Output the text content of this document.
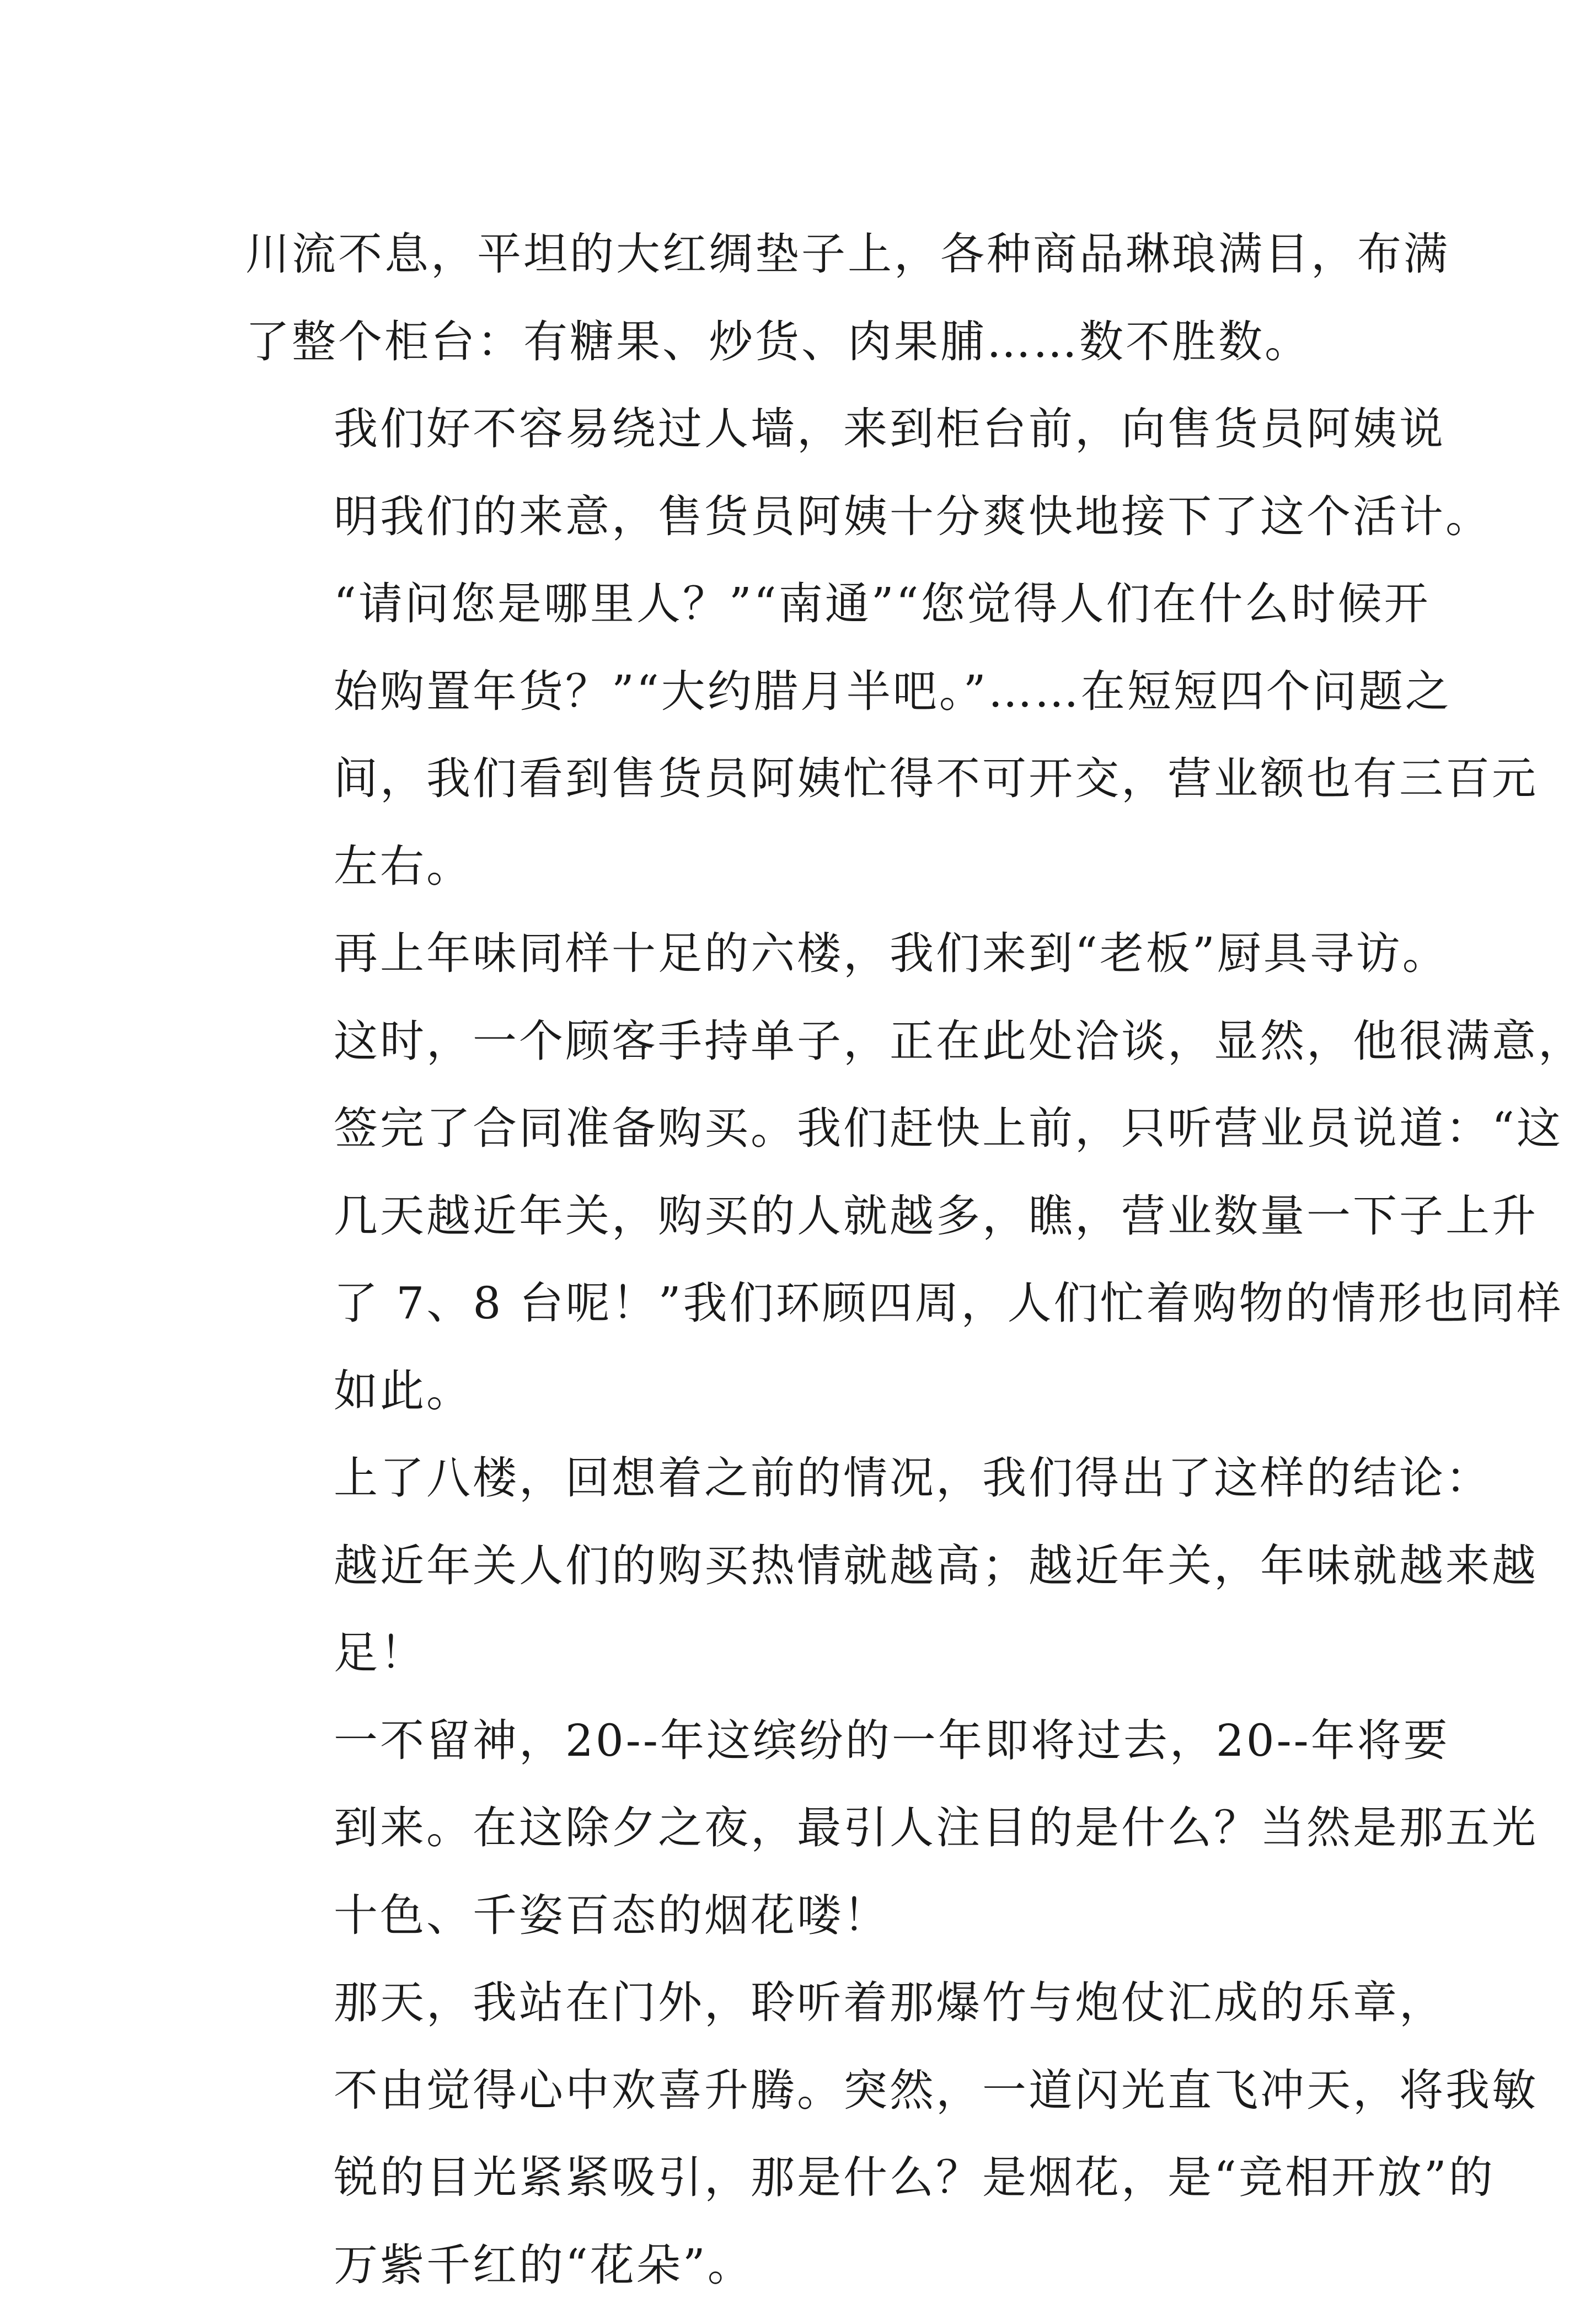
川流不息，平坦的大红绸垫子上，各种商品琳琅满目，布满
了整个柜台：有糖果、炒货、肉果脯……数不胜数。

我们好不容易绕过人墙，来到柜台前，向售货员阿姨说
明我们的来意，售货员阿姨十分爽快地接下了这个活计。
“请问您是哪里人？”“南通”“您觉得人们在什么时候开
始购置年货？”“大约腊月半吧。”……在短短四个问题之
间，我们看到售货员阿姨忙得不可开交，营业额也有三百元
左右。

再上年味同样十足的六楼，我们来到“老板”厨具寻访。
这时，一个顾客手持单子，正在此处洽谈，显然，他很满意，
签完了合同准备购买。我们赶快上前，只听营业员说道：“这
几天越近年关，购买的人就越多，瞧，营业数量一下子上升
了 7、8 台呢！”我们环顾四周，人们忙着购物的情形也同样
如此。

上了八楼，回想着之前的情况，我们得出了这样的结论：
越近年关人们的购买热情就越高；越近年关，年味就越来越
足！

一不留神，20--年这缤纷的一年即将过去，20--年将要
到来。在这除夕之夜，最引人注目的是什么？当然是那五光
十色、千姿百态的烟花喽！

那天，我站在门外，聆听着那爆竹与炮仗汇成的乐章，
不由觉得心中欢喜升腾。突然，一道闪光直飞冲天，将我敏
锐的目光紧紧吸引，那是什么？是烟花，是“竞相开放”的
万紫千红的“花朵”。
